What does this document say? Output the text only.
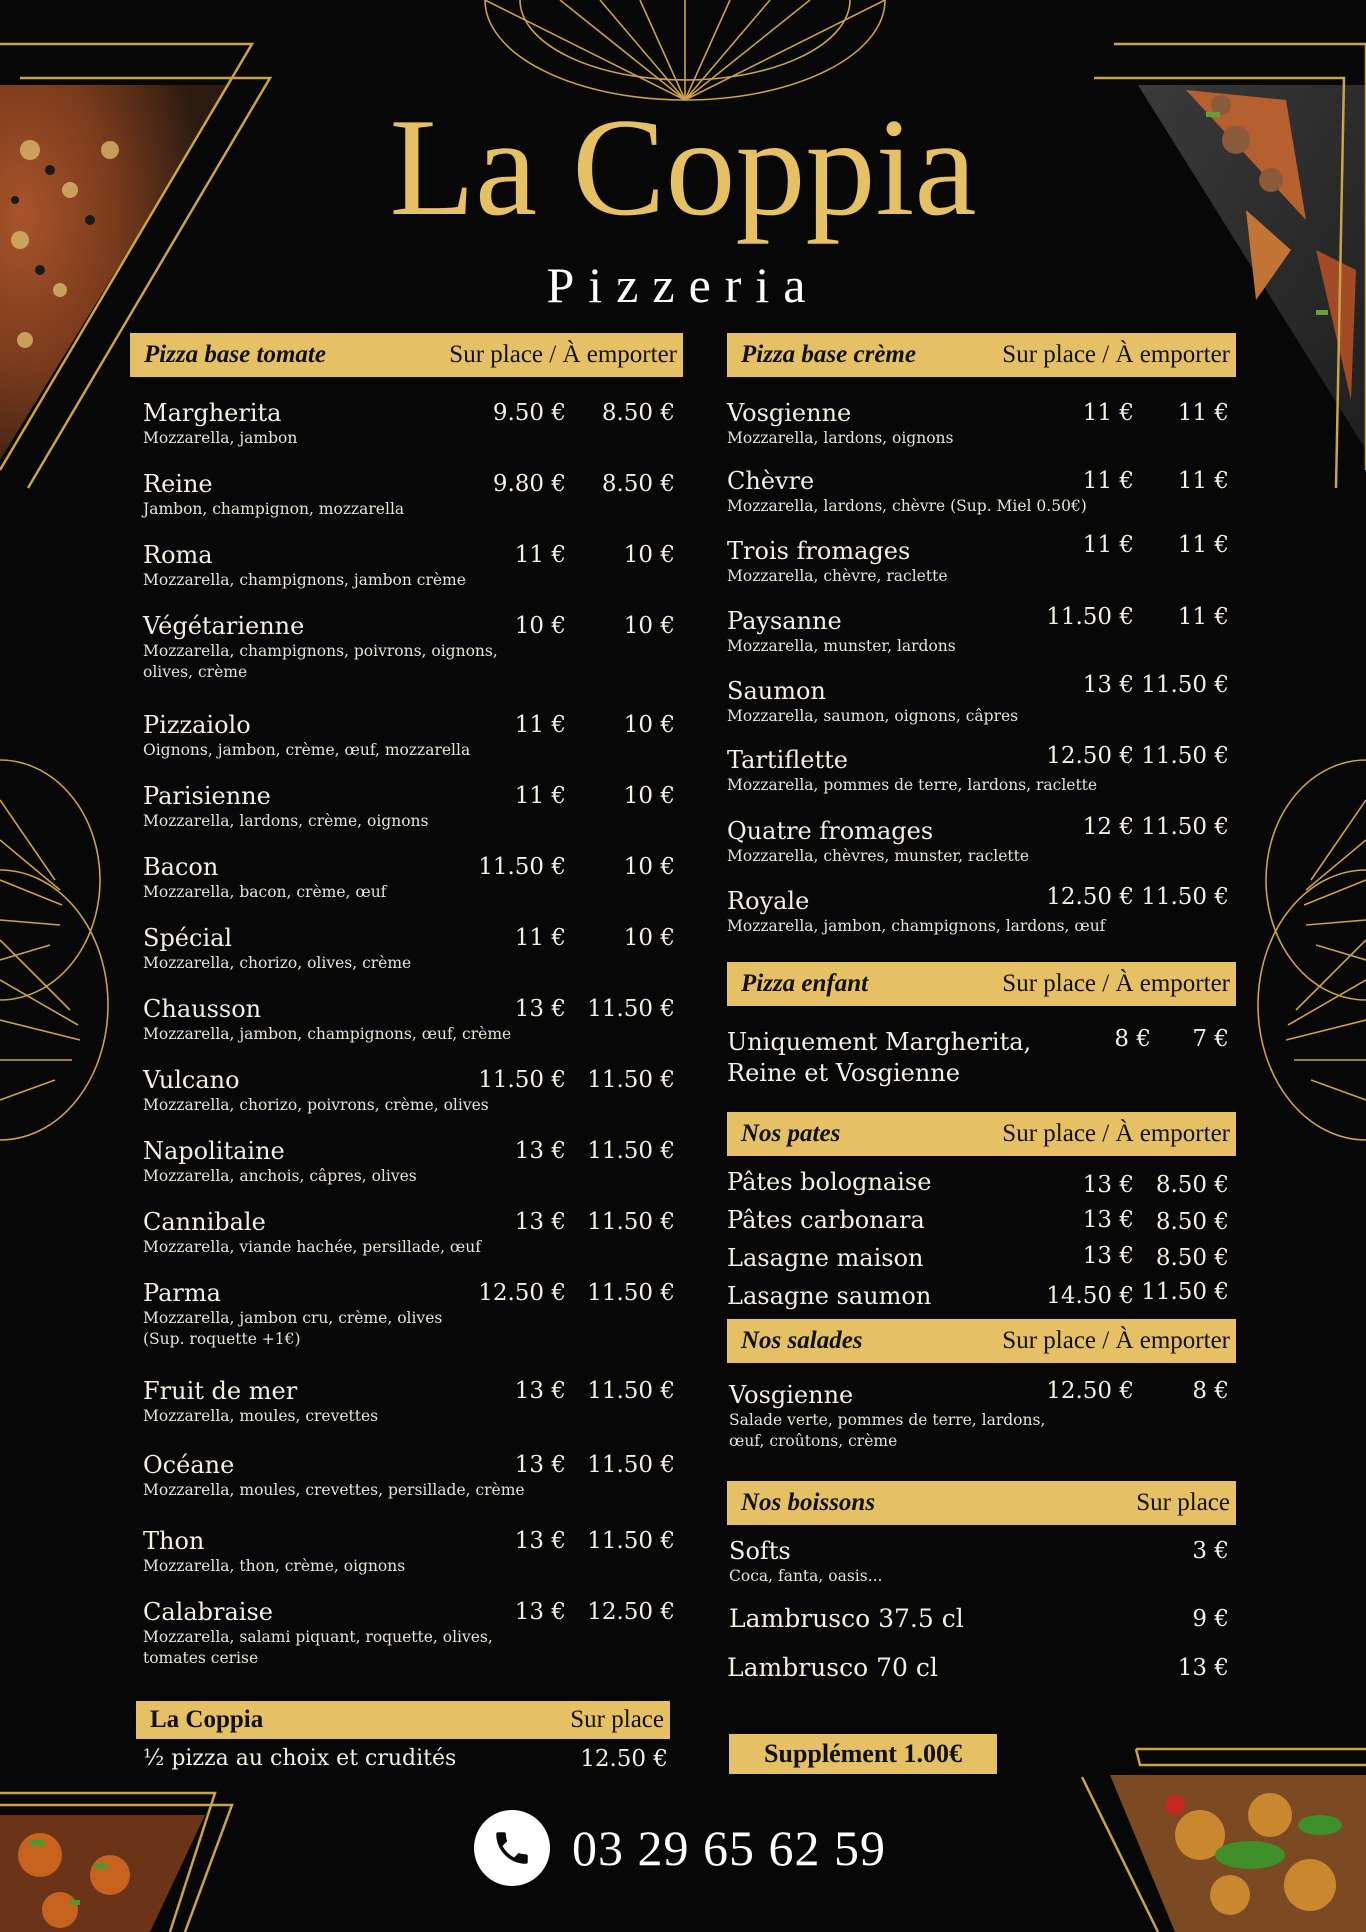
La Coppia
Pizzeria
Pizza base tomate	Sur place / À emporter
Margherita
Mozzarella, jambon
9.50 € 8.50 €
Reine
Jambon, champignon, mozzarella
9.80 € 8.50 €
Roma
Mozzarella, champignons, jambon crème
11 €	10 €
Végétarienne
Mozzarella, champignons, poivrons, oignons, olives, crème
10 €	10 €
Pizzaiolo
Oignons, jambon, crème, œuf, mozzarella
11 €	10 €
Parisienne
Mozzarella, lardons, crème, oignons
11 €	10 €
Bacon
Mozzarella, bacon, crème, œuf
11.50 €	10 €
Spécial
Mozzarella, chorizo, olives, crème
11 €	10 €
Chausson
Mozzarella, jambon, champignons, œuf, crème
13 € 11.50 €
Vulcano
Mozzarella, chorizo, poivrons, crème, olives
11.50 € 11.50 €
Napolitaine
Mozzarella, anchois, câpres, olives
13 € 11.50 €
Cannibale
Mozzarella, viande hachée, persillade, œuf
13 € 11.50 €
Parma
Mozzarella, jambon cru, crème, olives (Sup. roquette +1€)
12.50 € 11.50 €
Fruit de mer
Mozzarella, moules, crevettes
13 € 11.50 €
Océane
Mozzarella, moules, crevettes, persillade, crème
13 € 11.50 €
Thon
Mozzarella, thon, crème, oignons
13 € 11.50 €
Calabraise
Mozzarella, salami piquant, roquette, olives, tomates cerise
13 € 12.50 €
La Coppia	Sur place
½ pizza au choix et crudités	12.50 €
Pizza base crème	Sur place / À emporter
Vosgienne
Mozzarella, lardons, oignons
11 € 11 €
Chèvre
Mozzarella, lardons, chèvre (Sup. Miel 0.50€)
11 € 11 €
Trois fromages
Mozzarella, chèvre, raclette
11 € 11 €
Paysanne
Mozzarella, munster, lardons
11.50 € 11 €
Saumon
Mozzarella, saumon, oignons, câpres
13 € 11.50 €
Tartiflette
Mozzarella, pommes de terre, lardons, raclette
12.50 € 11.50 €
Quatre fromages
Mozzarella, chèvres, munster, raclette
12 € 11.50 €
Royale
Mozzarella, jambon, champignons, lardons, œuf
12.50 € 11.50 €
Pizza enfant	Sur place / À emporter
Uniquement Margherita, Reine et Vosgienne
8 € 7 €
Nos pates	Sur place / À emporter
Pâtes bolognaise	13 € 8.50 €
Pâtes carbonara	13 € 8.50 €
Lasagne maison	13 € 8.50 €
Lasagne saumon	14.50 € 11.50 €
Nos salades	Sur place / À emporter
Vosgienne
Salade verte, pommes de terre, lardons, œuf, croûtons, crème
12.50 €	8 €
Nos boissons	Sur place
Softs
Coca, fanta, oasis...
3 €
Lambrusco 37.5 cl	9 €
Lambrusco 70 cl	13 €
Supplément 1.00€
03 29 65 62 59
